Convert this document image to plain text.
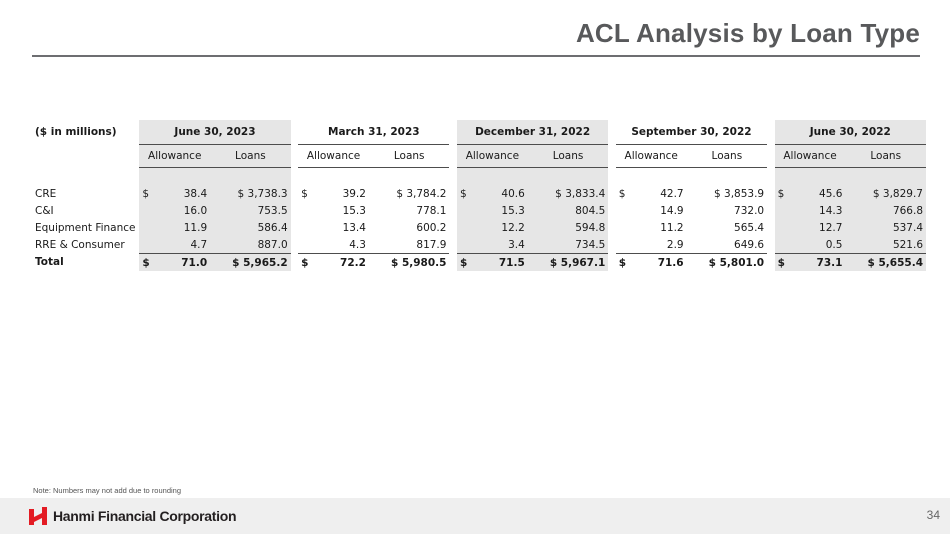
ACL Analysis by Loan Type
($ in millions)	June 30, 2023			March 31, 2023			December 31, 2022			September 30, 2022			June 30, 2022	
	Allowance	Loans		Allowance	Loans		Allowance	Loans		Allowance	Loans		Allowance	Loans

CRE	$ 38.4	$ 3,738.3		$ 39.2	$ 3,784.2		$ 40.6	$ 3,833.4		$ 42.7	$ 3,853.9		$ 45.6	$ 3,829.7
C&I	16.0	753.5		15.3	778.1		15.3	804.5		14.9	732.0		14.3	766.8
Equipment Finance	11.9	586.4		13.4	600.2		12.2	594.8		11.2	565.4		12.7	537.4
RRE & Consumer	4.7	887.0		4.3	817.9		3.4	734.5		2.9	649.6		0.5	521.6
Total	$ 71.0	$ 5,965.2		$ 72.2	$ 5,980.5		$ 71.5	$ 5,967.1		$ 71.6	$ 5,801.0		$ 73.1	$ 5,655.4
Note: Numbers may not add due to rounding
Hanmi Financial Corporation	34
